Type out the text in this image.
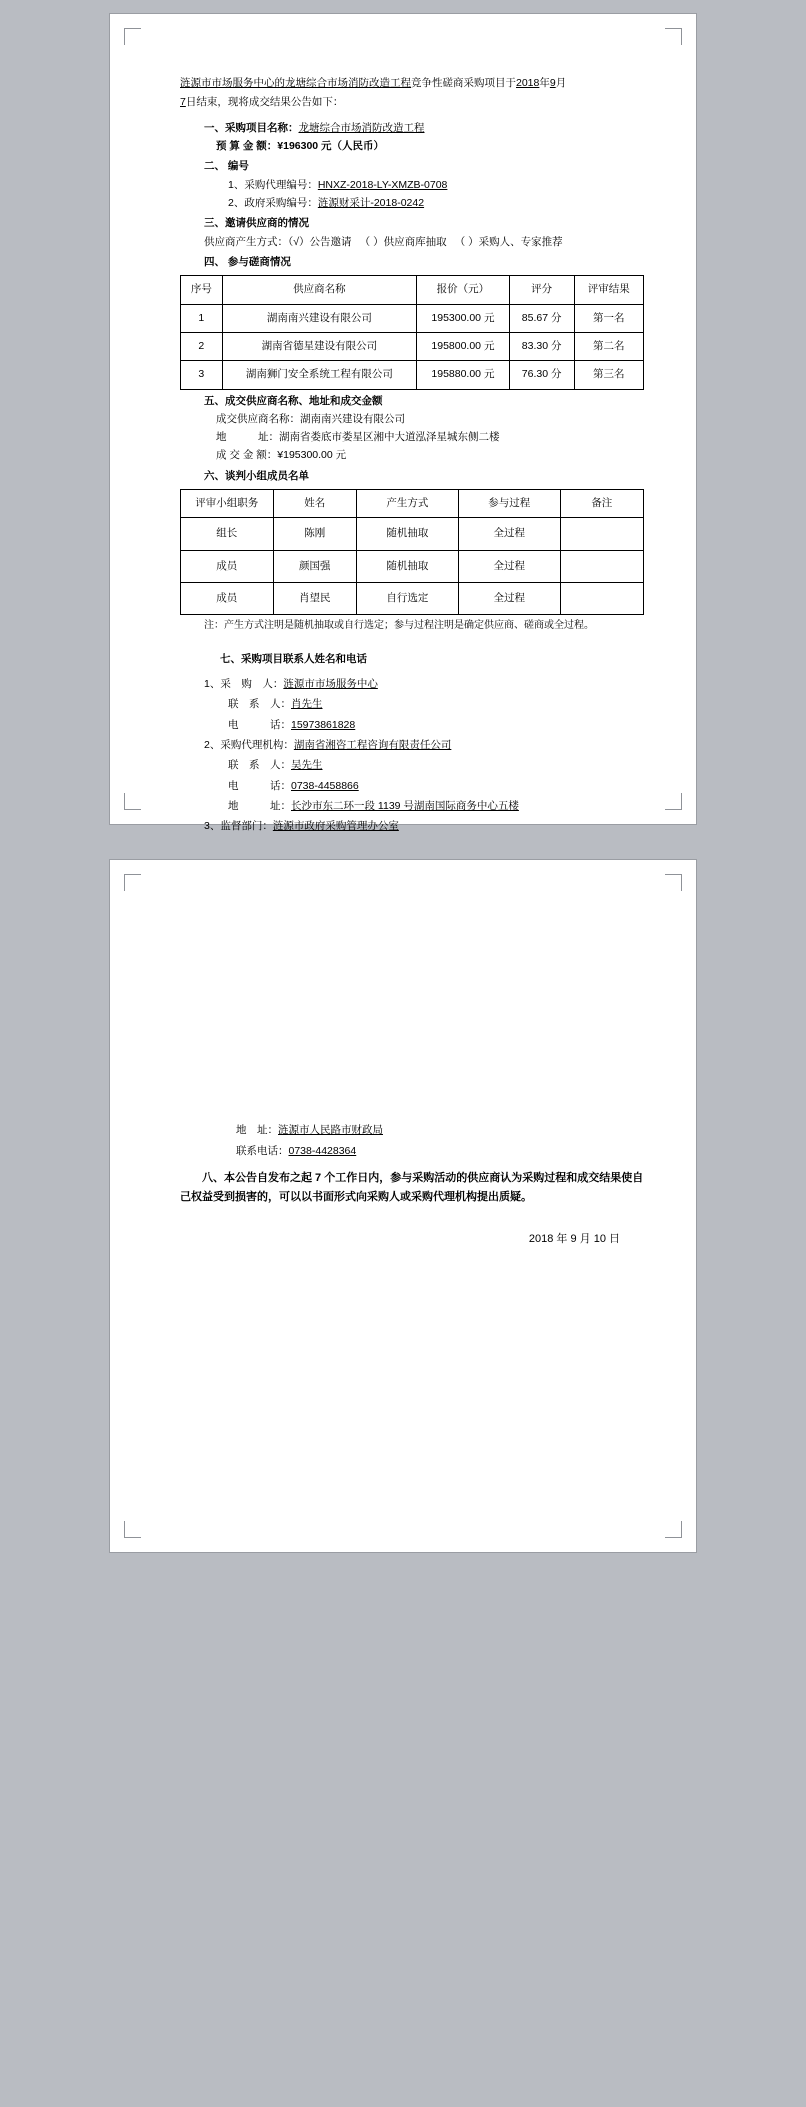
涟源市市场服务中心的龙塘综合市场消防改造工程竞争性磋商采购项目于2018年9月
7日结束，现将成交结果公告如下：
一、采购项目名称：龙塘综合市场消防改造工程
预 算 金 额：¥196300 元（人民币）
二、 编号
1、采购代理编号：HNXZ-2018-LY-XMZB-0708
2、政府采购编号：涟源财采计-2018-0242
三、邀请供应商的情况
供应商产生方式：（√）公告邀请 　（ ）供应商库抽取 　（ ）采购人、专家推荐
四、 参与磋商情况
序号	供应商名称	报价（元）	评分	评审结果
1	湖南南兴建设有限公司	195300.00 元	85.67 分	第一名
2	湖南省德星建设有限公司	195800.00 元	83.30 分	第二名
3	湖南狮门安全系统工程有限公司	195880.00 元	76.30 分	第三名
五、成交供应商名称、地址和成交金额
成交供应商名称：湖南南兴建设有限公司
地　　　址：湖南省娄底市娄星区湘中大道泓泽星城东侧二楼
成 交 金 额：¥195300.00 元
六、谈判小组成员名单
评审小组职务	姓名	产生方式	参与过程	备注
组长	陈刚	随机抽取	全过程	
成员	颜国强	随机抽取	全过程	
成员	肖望民	自行选定	全过程	
注：产生方式注明是随机抽取或自行选定；参与过程注明是确定供应商、磋商或全过程。
七、采购项目联系人姓名和电话
1、采　购　人：涟源市市场服务中心
联　系　人：肖先生
电　　　话：15973861828
2、采购代理机构：湖南省湘咨工程咨询有限责任公司
联　系　人：吴先生
电　　　话：0738-4458866
地　　　址：长沙市东二环一段 1139 号湖南国际商务中心五楼
3、监督部门：涟源市政府采购管理办公室
地　址：涟源市人民路市财政局
联系电话：0738-4428364
八、本公告自发布之起 7 个工作日内，参与采购活动的供应商认为采购过程和成交结果使自己权益受到损害的，可以以书面形式向采购人或采购代理机构提出质疑。
2018 年 9 月 10 日
